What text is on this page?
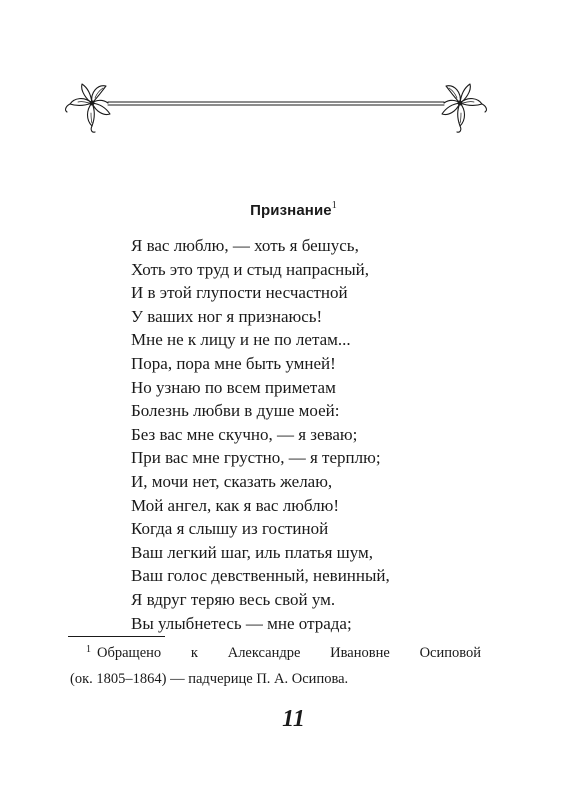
Признание$^1$
Я вас люблю, — хоть я бешусь,
Хоть это труд и стыд напрасный,
И в этой глупости несчастной
У ваших ног я признаюсь!
Мне не к лицу и не по летам...
Пора, пора мне быть умней!
Но узнаю по всем приметам
Болезнь любви в душе моей:
Без вас мне скучно, — я зеваю;
При вас мне грустно, — я терплю;
И, мочи нет, сказать желаю,
Мой ангел, как я вас люблю!
Когда я слышу из гостиной
Ваш легкий шаг, иль платья шум,
Ваш голос девственный, невинный,
Я вдруг теряю весь свой ум.
Вы улыбнетесь — мне отрада;
$^1$ Обращено к Александре Ивановне Осиповой
(ок. 1805–1864) — падчерице П. А. Осипова.
11
